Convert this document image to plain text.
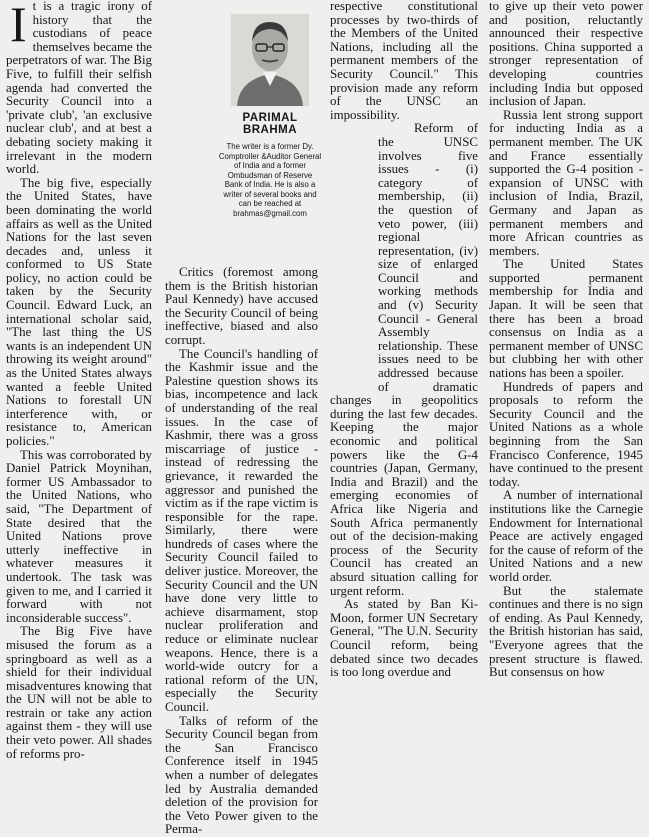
I t is a tragic irony of history that the custodians of peace themselves became the perpetrators of war. The Big Five, to fulfill their selfish agenda had converted the Security Council into a 'private club', 'an exclusive nuclear club', and at best a debating society making it irrelevant in the modern world.

The big five, especially the United States, have been dominating the world affairs as well as the United Nations for the last seven decades and, unless it conformed to US State policy, no action could be taken by the Security Council. Edward Luck, an international scholar said, "The last thing the US wants is an independent UN throwing its weight around" as the United States always wanted a feeble United Nations to forestall UN interference with, or resistance to, American policies."

This was corroborated by Daniel Patrick Moynihan, former US Ambassador to the United Nations, who said, "The Department of State desired that the United Nations prove utterly ineffective in whatever measures it undertook. The task was given to me, and I carried it forward with not inconsiderable success".

The Big Five have misused the forum as a springboard as well as a shield for their individual misadventures knowing that the UN will not be able to restrain or take any action against them - they will use their veto power. All shades of reforms pro-

PARIMAL
BRAHMA
The writer is a former Dy. Comptroller &Auditor General of India and a former Ombudsman of Reserve Bank of India. He is also a writer of several books and can be reached at
brahmas@gmail.com

Critics (foremost among them is the British historian Paul Kennedy) have accused the Security Council of being ineffective, biased and also corrupt.

The Council's handling of the Kashmir issue and the Palestine question shows its bias, incompetence and lack of understanding of the real issues. In the case of Kashmir, there was a gross miscarriage of justice - instead of redressing the grievance, it rewarded the aggressor and punished the victim as if the rape victim is responsible for the rape. Similarly, there were hundreds of cases where the Security Council failed to deliver justice. Moreover, the Security Council and the UN have done very little to achieve disarmament, stop nuclear proliferation and reduce or eliminate nuclear weapons. Hence, there is a world-wide outcry for a rational reform of the UN, especially the Security Council.

Talks of reform of the Security Council began from the San Francisco Conference itself in 1945 when a number of delegates led by Australia demanded deletion of the provision for the Veto Power given to the Perma-

respective constitutional processes by two-thirds of the Members of the United Nations, including all the permanent members of the Security Council." This provision made any reform of the UNSC an impossibility.

Reform of the UNSC involves five issues - (i) category of membership, (ii) the question of veto power, (iii) regional representation, (iv) size of enlarged Council and working methods and (v) Security Council - General Assembly relationship. These issues need to be addressed because of dramatic changes in geopolitics during the last few decades. Keeping the major economic and political powers like the G-4 countries (Japan, Germany, India and Brazil) and the emerging economies of Africa like Nigeria and South Africa permanently out of the decision-making process of the Security Council has created an absurd situation calling for urgent reform.

As stated by Ban Ki-Moon, former UN Secretary General, "The U.N. Security Council reform, being debated since two decades is too long overdue and

to give up their veto power and position, reluctantly announced their respective positions. China supported a stronger representation of developing countries including India but opposed inclusion of Japan.

Russia lent strong support for inducting India as a permanent member. The UK and France essentially supported the G-4 position - expansion of UNSC with inclusion of India, Brazil, Germany and Japan as permanent members and more African countries as members.

The United States supported permanent membership for India and Japan. It will be seen that there has been a broad consensus on India as a permanent member of UNSC but clubbing her with other nations has been a spoiler.

Hundreds of papers and proposals to reform the Security Council and the United Nations as a whole beginning from the San Francisco Conference, 1945 have continued to the present today.

A number of international institutions like the Carnegie Endowment for International Peace are actively engaged for the cause of reform of the United Nations and a new world order.

But the stalemate continues and there is no sign of ending. As Paul Kennedy, the British historian has said, "Everyone agrees that the present structure is flawed. But consensus on how
